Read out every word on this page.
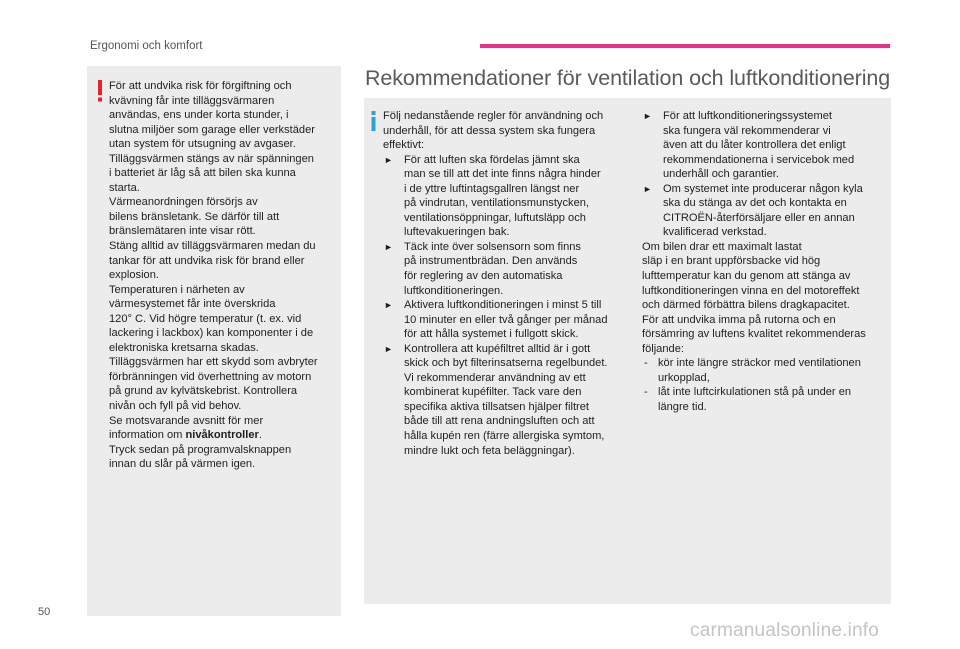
Ergonomi och komfort
För att undvika risk för förgiftning och
kvävning får inte tilläggsvärmaren
användas, ens under korta stunder, i
slutna miljöer som garage eller verkstäder
utan system för utsugning av avgaser.
Tilläggsvärmen stängs av när spänningen
i batteriet är låg så att bilen ska kunna
starta.
Värmeanordningen försörjs av
bilens bränsletank. Se därför till att
bränslemätaren inte visar rött.
Stäng alltid av tilläggsvärmaren medan du
tankar för att undvika risk för brand eller
explosion.
Temperaturen i närheten av
värmesystemet får inte överskrida
120° C. Vid högre temperatur (t. ex. vid
lackering i lackbox) kan komponenter i de
elektroniska kretsarna skadas.
Tilläggsvärmen har ett skydd som avbryter
förbränningen vid överhettning av motorn
på grund av kylvätskebrist. Kontrollera
nivån och fyll på vid behov.
Se motsvarande avsnitt för mer
information om nivåkontroller.
Tryck sedan på programvalsknappen
innan du slår på värmen igen.
Rekommendationer för ventilation och luftkonditionering
Följ nedanstående regler för användning och
underhåll, för att dessa system ska fungera
effektivt:
► För att luften ska fördelas jämnt ska
man se till att det inte finns några hinder
i de yttre luftintagsgallren längst ner
på vindrutan, ventilationsmunstycken,
ventilationsöppningar, luftutsläpp och
luftevakueringen bak.
► Täck inte över solsensorn som finns
på instrumentbrädan. Den används
för reglering av den automatiska
luftkonditioneringen.
► Aktivera luftkonditioneringen i minst 5 till
10 minuter en eller två gånger per månad
för att hålla systemet i fullgott skick.
► Kontrollera att kupéfiltret alltid är i gott
skick och byt filterinsatserna regelbundet.
Vi rekommenderar användning av ett
kombinerat kupéfilter. Tack vare den
specifika aktiva tillsatsen hjälper filtret
både till att rena andningsluften och att
hålla kupén ren (färre allergiska symtom,
mindre lukt och feta beläggningar).
► För att luftkonditioneringssystemet
ska fungera väl rekommenderar vi
även att du låter kontrollera det enligt
rekommendationerna i servicebok med
underhåll och garantier.
► Om systemet inte producerar någon kyla
ska du stänga av det och kontakta en
CITROËN-återförsäljare eller en annan
kvalificerad verkstad.
Om bilen drar ett maximalt lastat
släp i en brant uppförsbacke vid hög
lufttemperatur kan du genom att stänga av
luftkonditioneringen vinna en del motoreffekt
och därmed förbättra bilens dragkapacitet.
För att undvika imma på rutorna och en
försämring av luftens kvalitet rekommenderas
följande:
- kör inte längre sträckor med ventilationen
urkopplad,
- låt inte luftcirkulationen stå på under en
längre tid.
50
carmanualsonline.info
